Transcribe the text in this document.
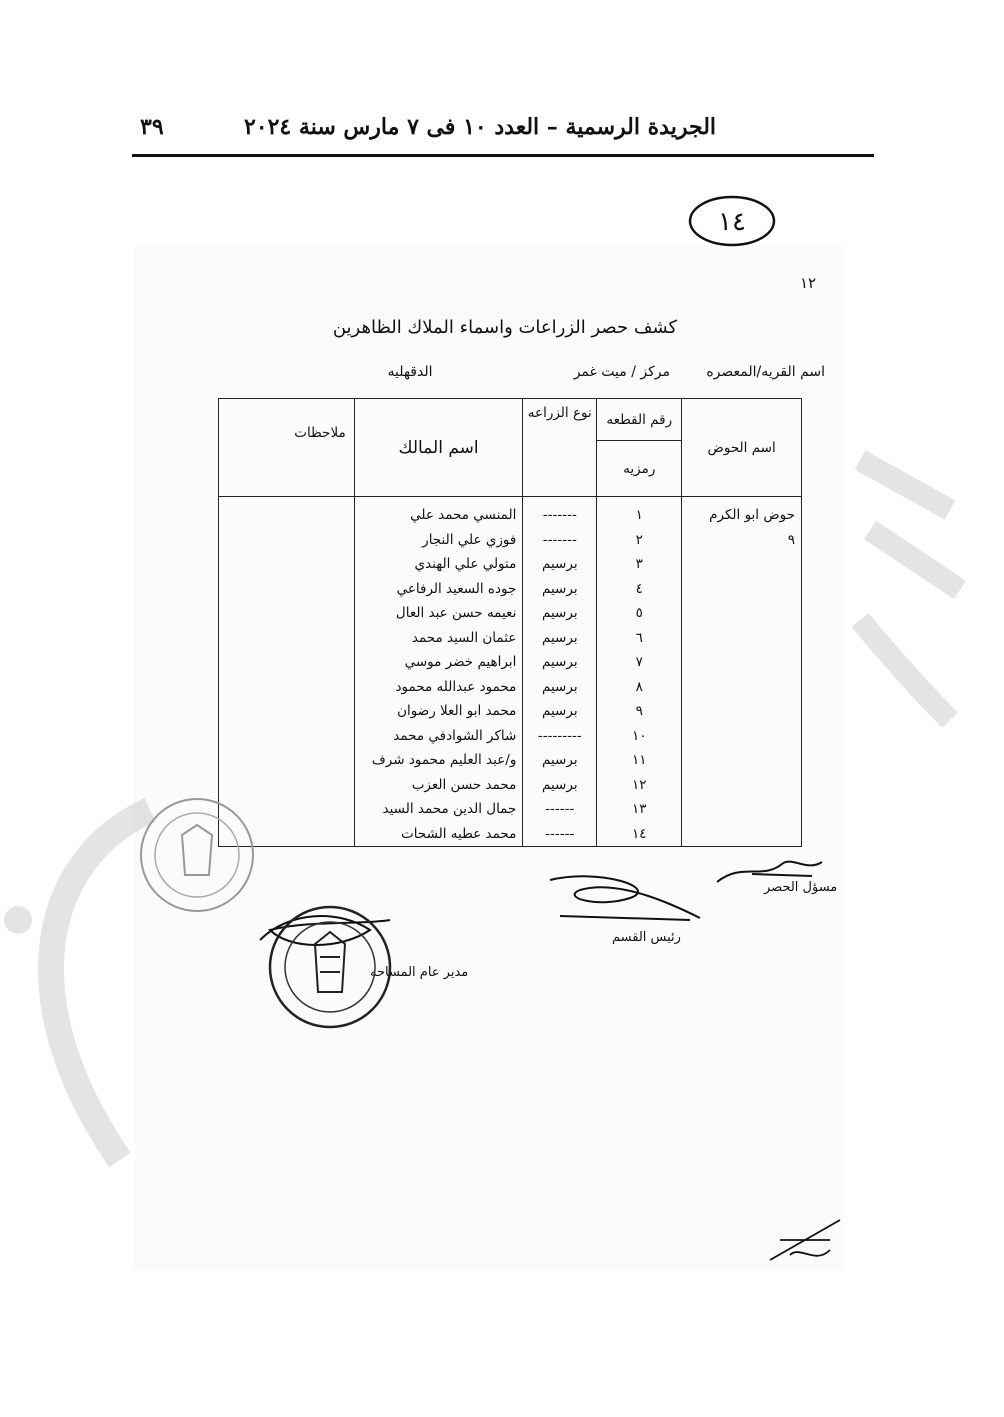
الجريدة الرسمية – العدد ١٠ فى ٧ مارس سنة ٢٠٢٤
٣٩
١٤
١٢
كشف حصر الزراعات واسماء الملاك الظاهرين
اسم القريه/المعصره
مركز / ميت غمر
الدقهليه
اسم الحوض	رقم القطعه	نوع الزراعه	اسم المالك	ملاحظات
	رمزيه			
حوض ابو الكرم	١	-------	المنسي محمد علي	
٩	٢	-------	فوزي علي النجار	
	٣	برسيم	متولي علي الهندي	
	٤	برسيم	جوده السعيد الرفاعي	
	٥	برسيم	نعيمه حسن عبد العال	
	٦	برسيم	عثمان السيد محمد	
	٧	برسيم	ابراهيم خضر موسي	
	٨	برسيم	محمود عبدالله محمود	
	٩	برسيم	محمد ابو العلا رضوان	
	١٠	---------	شاكر الشوادفي محمد	
	١١	برسيم	و/عبد العليم محمود شرف	
	١٢	برسيم	محمد حسن العزب	
	١٣	------	جمال الدين محمد السيد	
	١٤	------	محمد عطيه الشحات	
مسؤل الحصر
رئيس القسم
مدير عام المساحه
